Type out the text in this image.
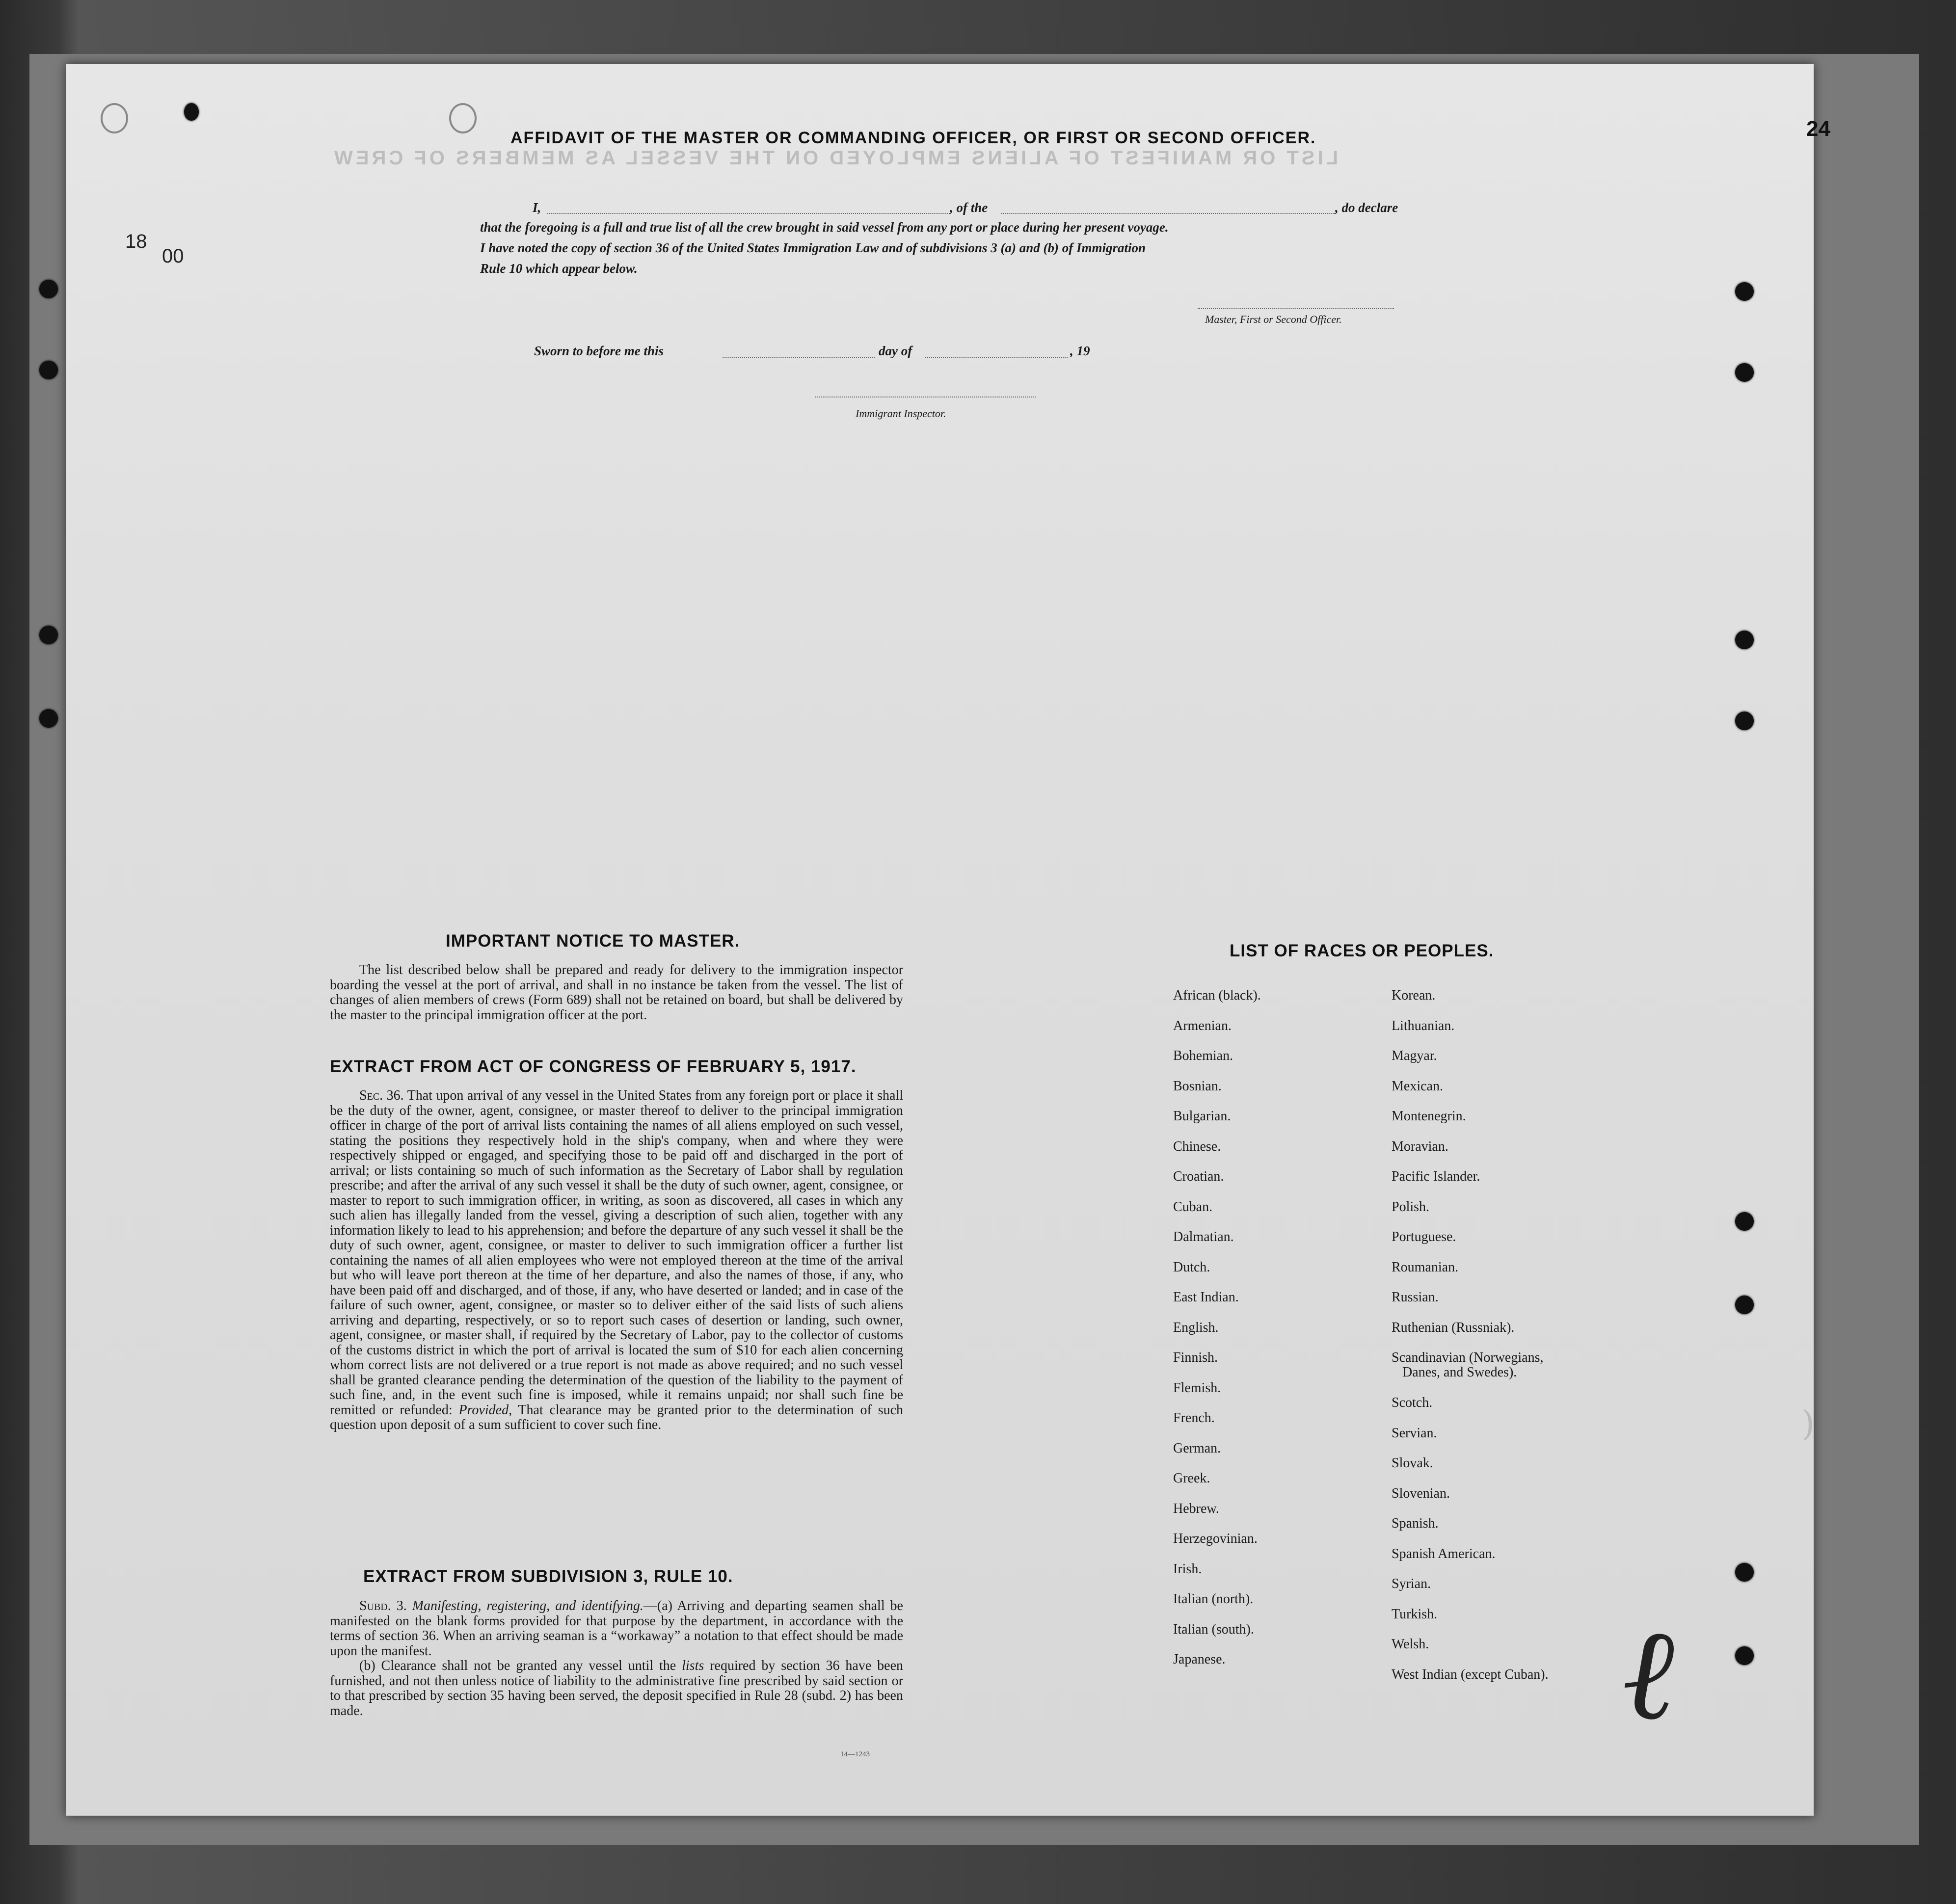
LIST OR MANIFEST OF ALIENS EMPLOYED ON THE VESSEL AS MEMBERS OF CREW
24
18
00
AFFIDAVIT OF THE MASTER OR COMMANDING OFFICER, OR FIRST OR SECOND OFFICER.
I,	, of the	, do declare
that the foregoing is a full and true list of all the crew brought in said vessel from any port or place during her present voyage.
I have noted the copy of section 36 of the United States Immigration Law and of subdivisions 3 (a) and (b) of Immigration
Rule 10 which appear below.
Master, First or Second Officer.
Sworn to before me this	day of	, 19
Immigrant Inspector.
IMPORTANT NOTICE TO MASTER.

The list described below shall be prepared and ready for delivery to the immigration inspector boarding the vessel at the port of arrival, and shall in no instance be taken from the vessel. The list of changes of alien members of crews (Form 689) shall not be retained on board, but shall be delivered by the master to the principal immigration officer at the port.

EXTRACT FROM ACT OF CONGRESS OF FEBRUARY 5, 1917.

Sec. 36. That upon arrival of any vessel in the United States from any foreign port or place it shall be the duty of the owner, agent, consignee, or master thereof to deliver to the principal immigration officer in charge of the port of arrival lists containing the names of all aliens employed on such vessel, stating the positions they respectively hold in the ship's company, when and where they were respectively shipped or engaged, and specifying those to be paid off and discharged in the port of arrival; or lists containing so much of such information as the Secretary of Labor shall by regulation prescribe; and after the arrival of any such vessel it shall be the duty of such owner, agent, consignee, or master to report to such immigration officer, in writing, as soon as discovered, all cases in which any such alien has illegally landed from the vessel, giving a description of such alien, together with any information likely to lead to his apprehension; and before the departure of any such vessel it shall be the duty of such owner, agent, consignee, or master to deliver to such immigration officer a further list containing the names of all alien employees who were not employed thereon at the time of the arrival but who will leave port thereon at the time of her departure, and also the names of those, if any, who have been paid off and discharged, and of those, if any, who have deserted or landed; and in case of the failure of such owner, agent, consignee, or master so to deliver either of the said lists of such aliens arriving and departing, respectively, or so to report such cases of desertion or landing, such owner, agent, consignee, or master shall, if required by the Secretary of Labor, pay to the collector of customs of the customs district in which the port of arrival is located the sum of $10 for each alien concerning whom correct lists are not delivered or a true report is not made as above required; and no such vessel shall be granted clearance pending the determination of the question of the liability to the payment of such fine, and, in the event such fine is imposed, while it remains unpaid; nor shall such fine be remitted or refunded: Provided, That clearance may be granted prior to the determination of such question upon deposit of a sum sufficient to cover such fine.

EXTRACT FROM SUBDIVISION 3, RULE 10.

Subd. 3. Manifesting, registering, and identifying.—(a) Arriving and departing seamen shall be manifested on the blank forms provided for that purpose by the department, in accordance with the terms of section 36. When an arriving seaman is a “workaway” a notation to that effect should be made upon the manifest.

(b) Clearance shall not be granted any vessel until the lists required by section 36 have been furnished, and not then unless notice of liability to the administrative fine prescribed by said section or to that prescribed by section 35 having been served, the deposit specified in Rule 28 (subd. 2) has been made.

14—1243
LIST OF RACES OR PEOPLES.
African (black).
Armenian.
Bohemian.
Bosnian.
Bulgarian.
Chinese.
Croatian.
Cuban.
Dalmatian.
Dutch.
East Indian.
English.
Finnish.
Flemish.
French.
German.
Greek.
Hebrew.
Herzegovinian.
Irish.
Italian (north).
Italian (south).
Japanese.
Korean.
Lithuanian.
Magyar.
Mexican.
Montenegrin.
Moravian.
Pacific Islander.
Polish.
Portuguese.
Roumanian.
Russian.
Ruthenian (Russniak).
Scandinavian (Norwegians,
Danes, and Swedes).
Scotch.
Servian.
Slovak.
Slovenian.
Spanish.
Spanish American.
Syrian.
Turkish.
Welsh.
West Indian (except Cuban). ℓ
)
